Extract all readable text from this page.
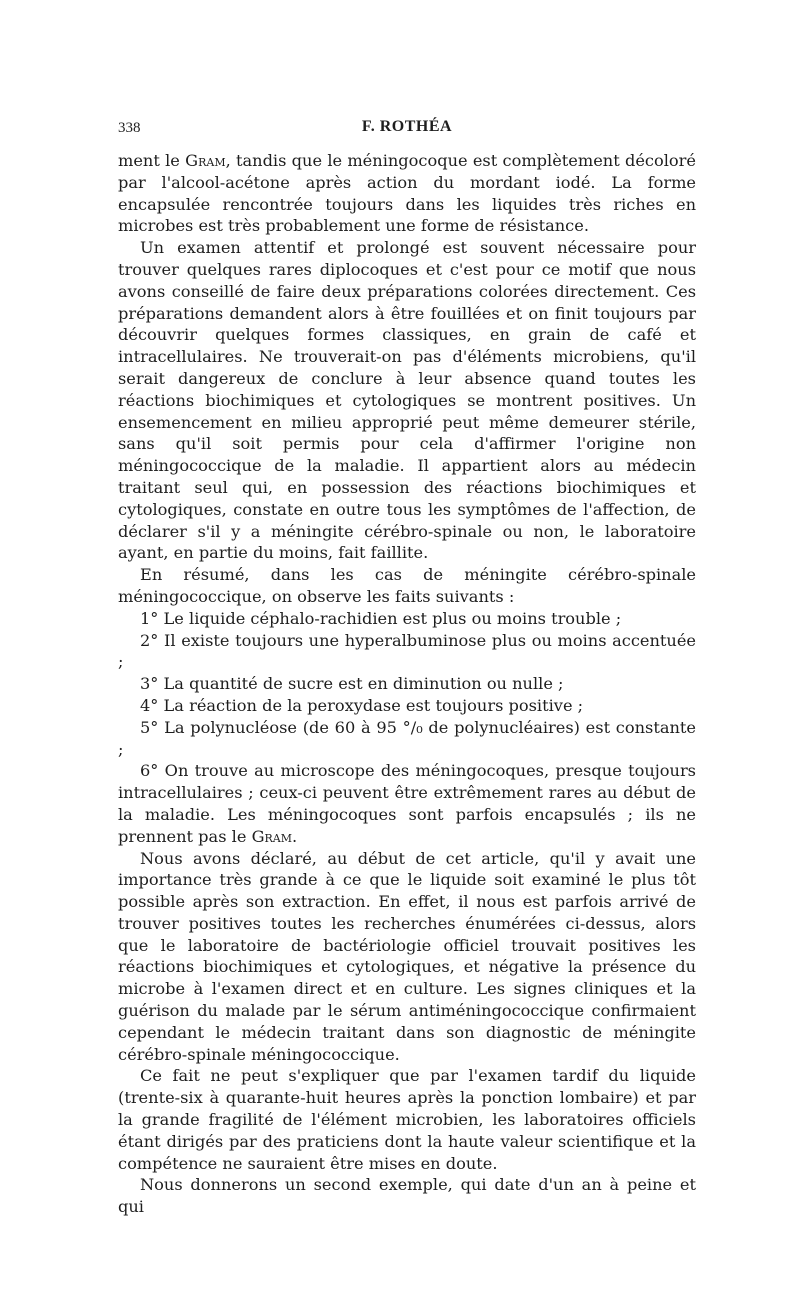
338	F. ROTHÉA

ment le Gram, tandis que le méningocoque est complètement décoloré par l'alcool-acétone après action du mordant iodé. La forme encapsulée rencontrée toujours dans les liquides très riches en microbes est très probablement une forme de résistance.

Un examen attentif et prolongé est souvent nécessaire pour trouver quelques rares diplocoques et c'est pour ce motif que nous avons conseillé de faire deux préparations colorées directement. Ces préparations demandent alors à être fouillées et on finit toujours par découvrir quelques formes classiques, en grain de café et intracellulaires. Ne trouverait-on pas d'éléments microbiens, qu'il serait dangereux de conclure à leur absence quand toutes les réactions biochimiques et cytologiques se montrent positives. Un ensemencement en milieu approprié peut même demeurer stérile, sans qu'il soit permis pour cela d'affirmer l'origine non méningococcique de la maladie. Il appartient alors au médecin traitant seul qui, en possession des réactions biochimiques et cytologiques, constate en outre tous les symptômes de l'affection, de déclarer s'il y a méningite cérébro-spinale ou non, le laboratoire ayant, en partie du moins, fait faillite.

En résumé, dans les cas de méningite cérébro-spinale méningococcique, on observe les faits suivants :

1° Le liquide céphalo-rachidien est plus ou moins trouble ;
2° Il existe toujours une hyperalbuminose plus ou moins accentuée ;
3° La quantité de sucre est en diminution ou nulle ;
4° La réaction de la peroxydase est toujours positive ;
5° La polynucléose (de 60 à 95 °/₀ de polynucléaires) est constante ;
6° On trouve au microscope des méningocoques, presque toujours intracellulaires ; ceux-ci peuvent être extrêmement rares au début de la maladie. Les méningocoques sont parfois encapsulés ; ils ne prennent pas le Gram.

Nous avons déclaré, au début de cet article, qu'il y avait une importance très grande à ce que le liquide soit examiné le plus tôt possible après son extraction. En effet, il nous est parfois arrivé de trouver positives toutes les recherches énumérées ci-dessus, alors que le laboratoire de bactériologie officiel trouvait positives les réactions biochimiques et cytologiques, et négative la présence du microbe à l'examen direct et en culture. Les signes cliniques et la guérison du malade par le sérum antiméningococcique confirmaient cependant le médecin traitant dans son diagnostic de méningite cérébro-spinale méningococcique.

Ce fait ne peut s'expliquer que par l'examen tardif du liquide (trente-six à quarante-huit heures après la ponction lombaire) et par la grande fragilité de l'élément microbien, les laboratoires officiels étant dirigés par des praticiens dont la haute valeur scientifique et la compétence ne sauraient être mises en doute.

Nous donnerons un second exemple, qui date d'un an à peine et qui
